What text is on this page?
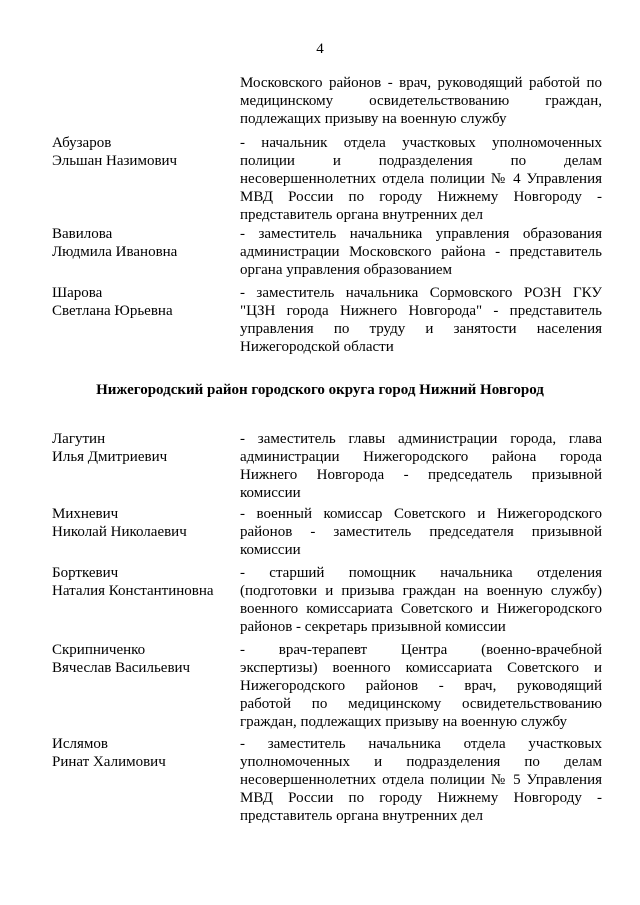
4
Московского районов - врач, руководящий работой по
медицинскому освидетельствованию граждан,
подлежащих призыву на военную службу
Абузаров
Эльшан Назимович
- начальник отдела участковых уполномоченных
полиции и подразделения по делам
несовершеннолетних отдела полиции № 4 Управления
МВД России по городу Нижнему Новгороду -
представитель органа внутренних дел
Вавилова
Людмила Ивановна
- заместитель начальника управления образования
администрации Московского района - представитель
органа управления образованием
Шарова
Светлана Юрьевна
- заместитель начальника Сормовского РОЗН ГКУ
"ЦЗН города Нижнего Новгорода" - представитель
управления по труду и занятости населения
Нижегородской области
Нижегородский район городского округа город Нижний Новгород
Лагутин
Илья Дмитриевич
- заместитель главы администрации города, глава
администрации Нижегородского района города
Нижнего Новгорода - председатель призывной
комиссии
Михневич
Николай Николаевич
- военный комиссар Советского и Нижегородского
районов - заместитель председателя призывной
комиссии
Борткевич
Наталия Константиновна
- старший помощник начальника отделения
(подготовки и призыва граждан на военную службу)
военного комиссариата Советского и Нижегородского
районов - секретарь призывной комиссии
Скрипниченко
Вячеслав Васильевич
- врач-терапевт Центра (военно-врачебной
экспертизы) военного комиссариата Советского и
Нижегородского районов - врач, руководящий
работой по медицинскому освидетельствованию
граждан, подлежащих призыву на военную службу
Ислямов
Ринат Халимович
- заместитель начальника отдела участковых
уполномоченных и подразделения по делам
несовершеннолетних отдела полиции № 5 Управления
МВД России по городу Нижнему Новгороду -
представитель органа внутренних дел
